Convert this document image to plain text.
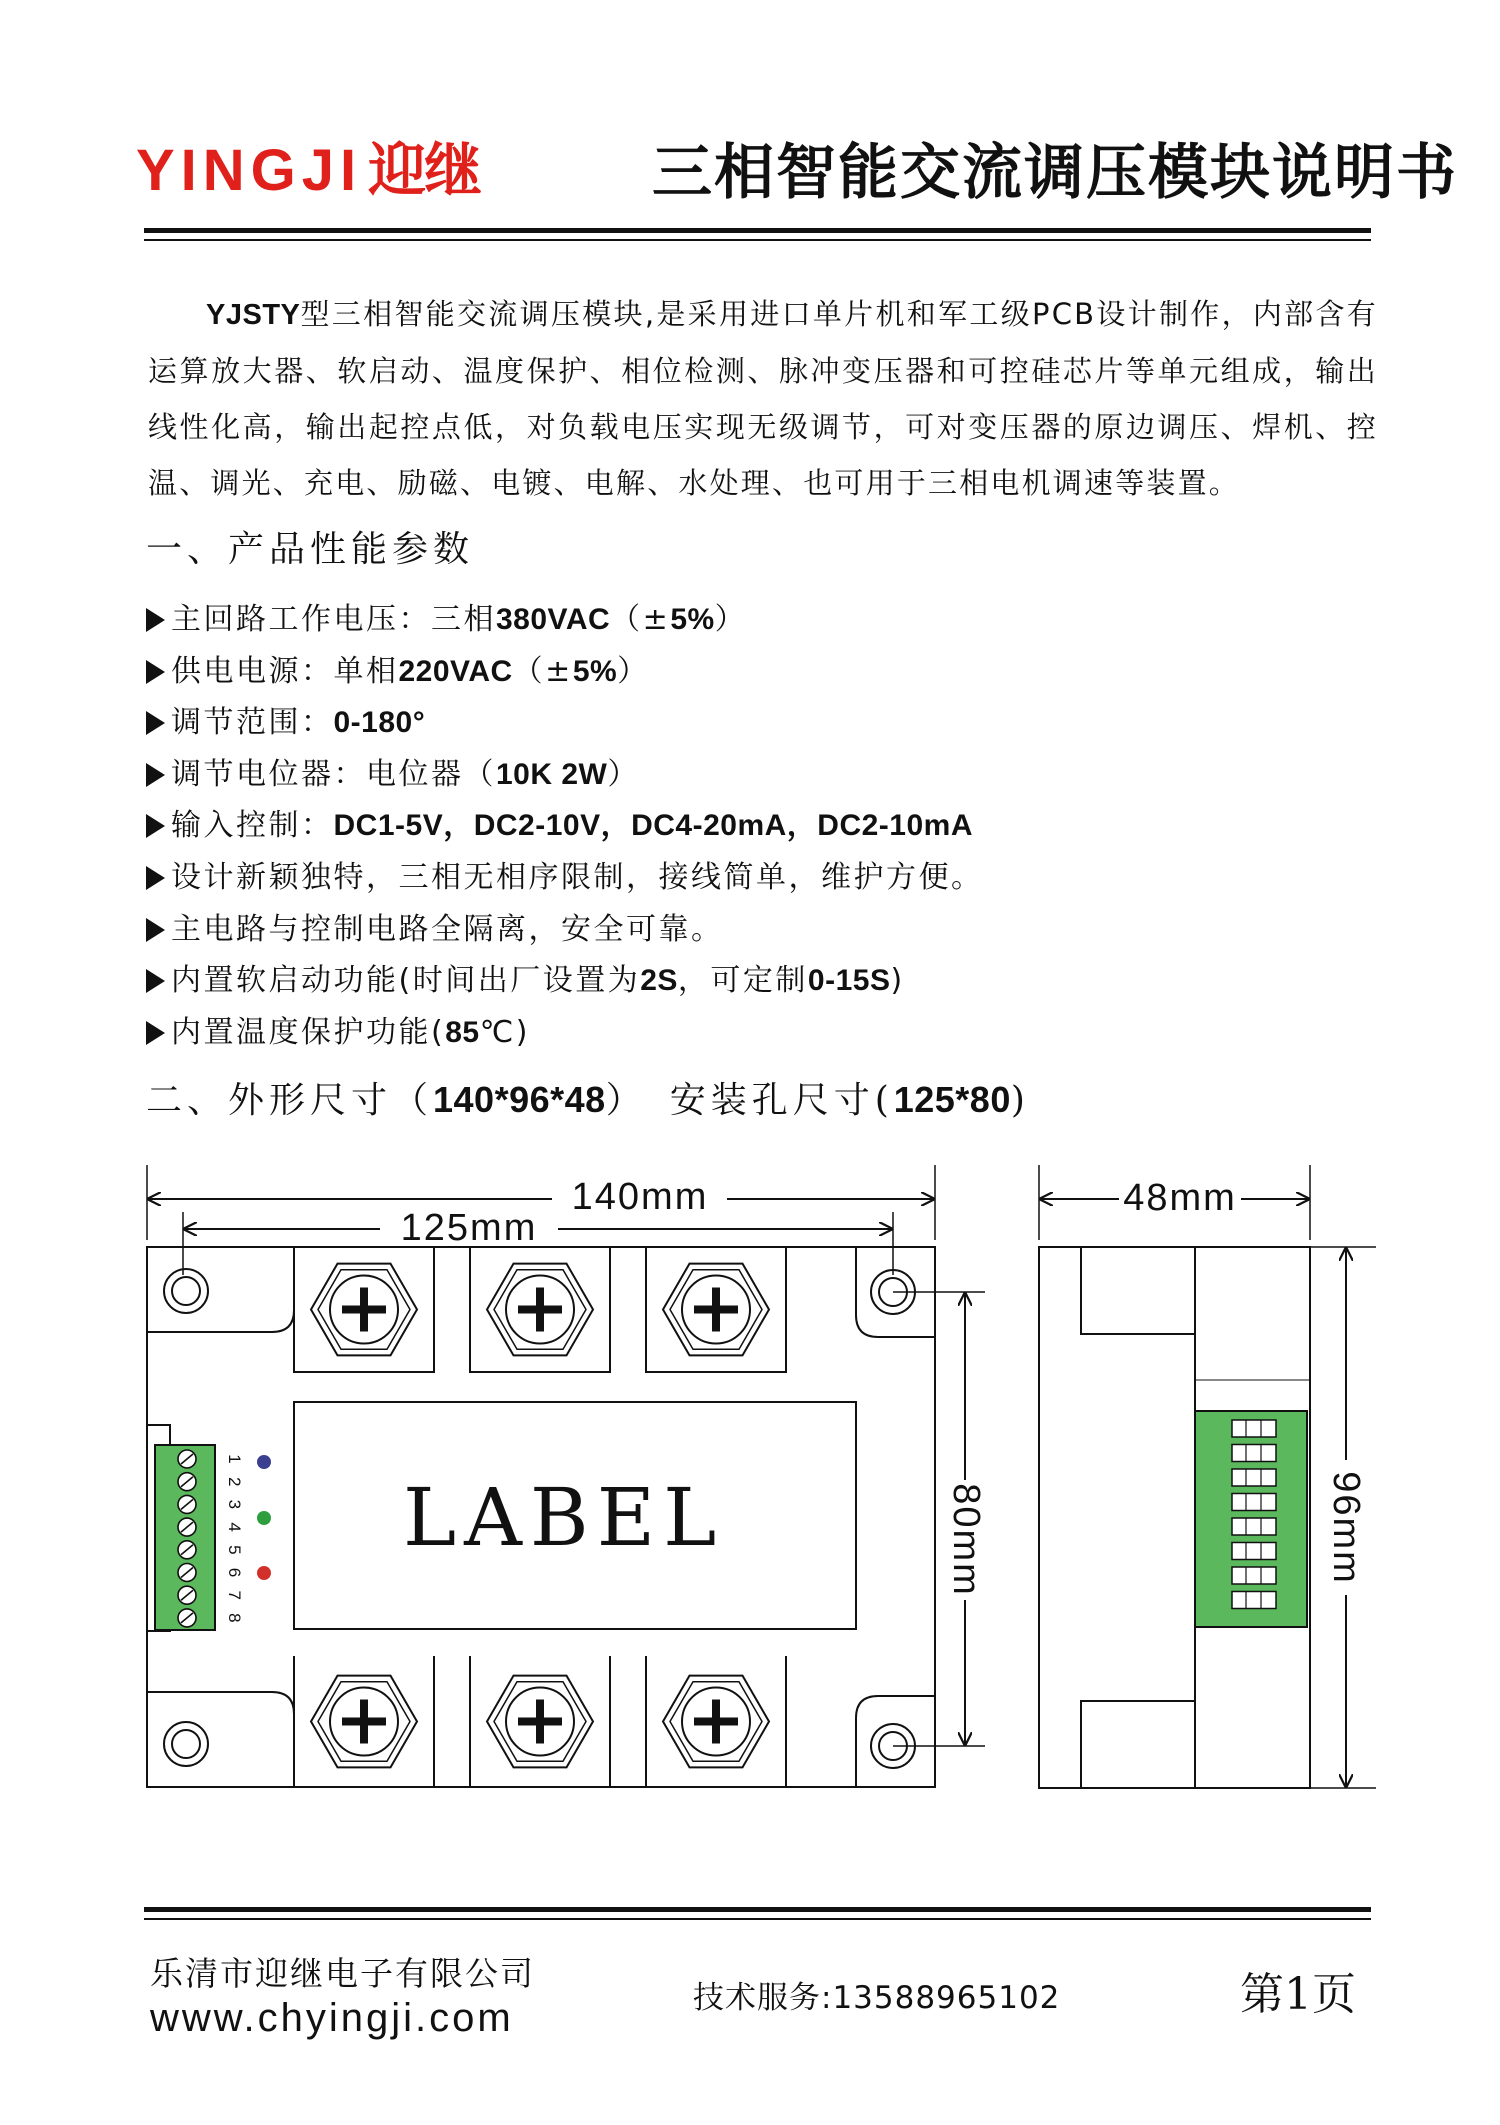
YINGJI 迎继	三相智能交流调压模块说明书

YJSTY型三相智能交流调压模块,是采用进口单片机和军工级PCB设计制作，内部含有运算放大器、软启动、温度保护、相位检测、脉冲变压器和可控硅芯片等单元组成，输出线性化高，输出起控点低，对负载电压实现无级调节，可对变压器的原边调压、焊机、控温、调光、充电、励磁、电镀、电解、水处理、也可用于三相电机调速等装置。

一、产品性能参数
主回路工作电压：三相380VAC（±5%）
供电电源：单相220VAC（±5%）
调节范围：0-180°
调节电位器：电位器（10K 2W）
输入控制：DC1-5V，DC2-10V，DC4-20mA，DC2-10mA
设计新颖独特，三相无相序限制，接线简单，维护方便。
主电路与控制电路全隔离，安全可靠。
内置软启动功能(时间出厂设置为2S，可定制0-15S)
内置温度保护功能(85℃)
二、外形尺寸（140*96*48）　安装孔尺寸(125*80)
1
2
3
4
5
6
7
8
140mm
125mm
80mm
LABEL
48mm
96mm
乐清市迎继电子有限公司
www.chyingji.com	技术服务:13588965102	第1页
